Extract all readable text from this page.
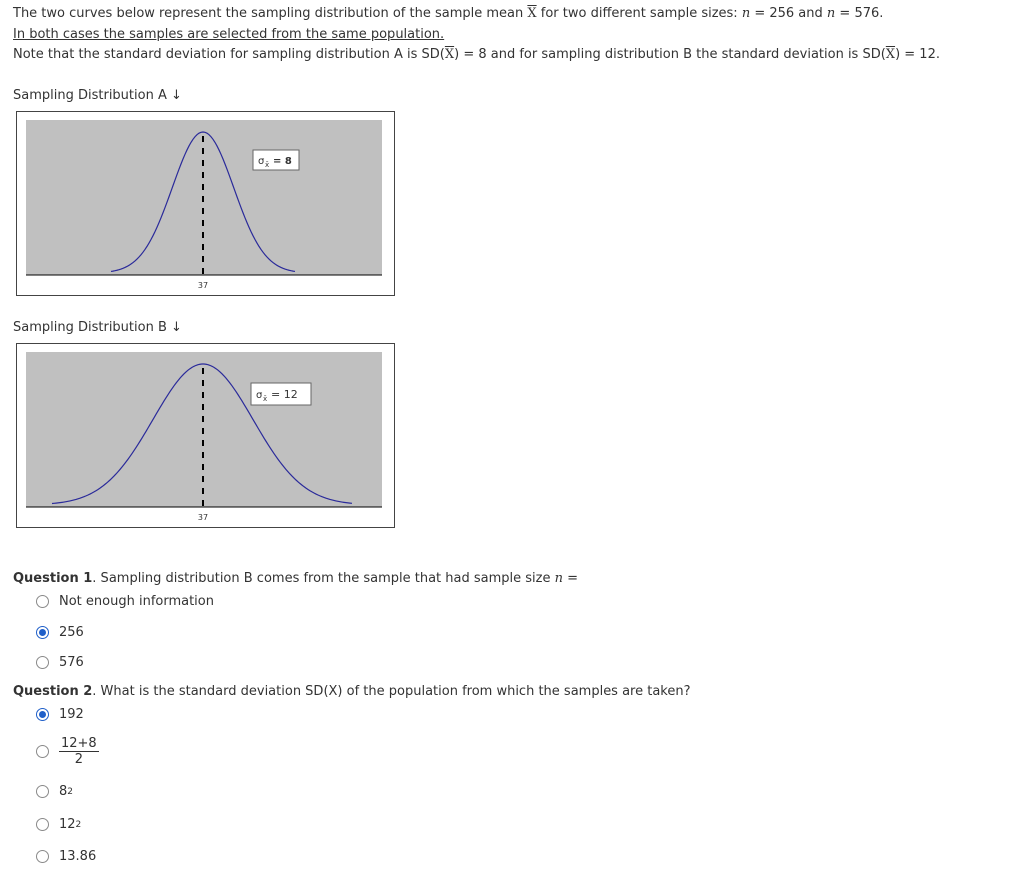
The two curves below represent the sampling distribution of the sample mean $\overline{X}$ for two different sample sizes: n = 256 and n = 576.
In both cases the samples are selected from the same population.
Note that the standard deviation for sampling distribution A is $SD(\overline{X}) = 8$ and for sampling distribution B the standard deviation is $SD(\overline{X}) = 12$.
Sampling Distribution A ↓
σ x̄ = 8
37
Sampling Distribution B ↓
σ x̄ = 12
37
Question 1. Sampling distribution B comes from the sample that had sample size n =
Not enough information
256
576
Question 2. What is the standard deviation SD(X) of the population from which the samples are taken?
192
$\frac{12+8}{2}$
8 2
12 2
13.86
